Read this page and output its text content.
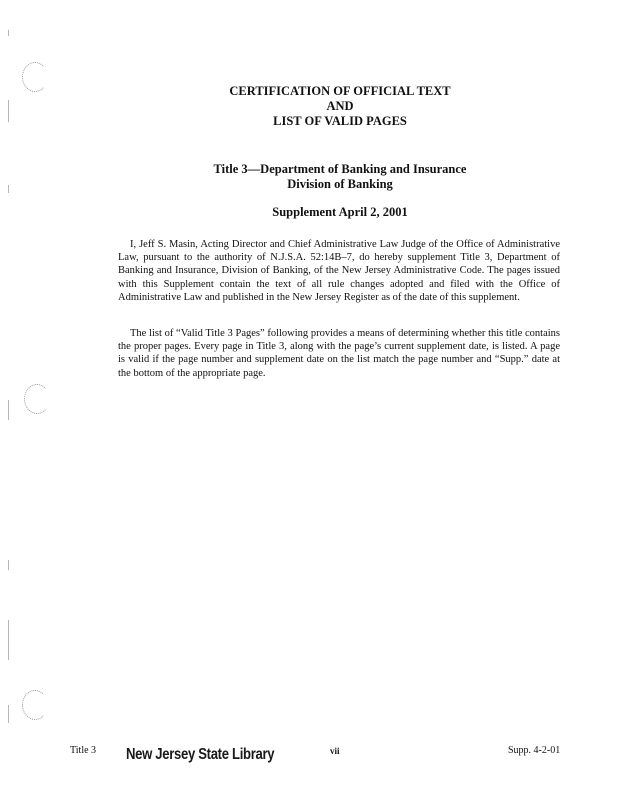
CERTIFICATION OF OFFICIAL TEXT
AND
LIST OF VALID PAGES
Title 3—Department of Banking and Insurance
Division of Banking
Supplement April 2, 2001

I, Jeff S. Masin, Acting Director and Chief Administrative Law Judge of the Office of Administrative Law, pursuant to the authority of N.J.S.A. 52:14B–7, do hereby supplement Title 3, Department of Banking and Insurance, Division of Banking, of the New Jersey Administrative Code. The pages issued with this Supplement contain the text of all rule changes adopted and filed with the Office of Administrative Law and published in the New Jersey Register as of the date of this supplement.

The list of “Valid Title 3 Pages” following provides a means of determining whether this title contains the proper pages. Every page in Title 3, along with the page’s current supplement date, is listed. A page is valid if the page number and supplement date on the list match the page number and “Supp.” date at the bottom of the appropriate page.

Title 3 New Jersey State Library	vii	Supp. 4-2-01
